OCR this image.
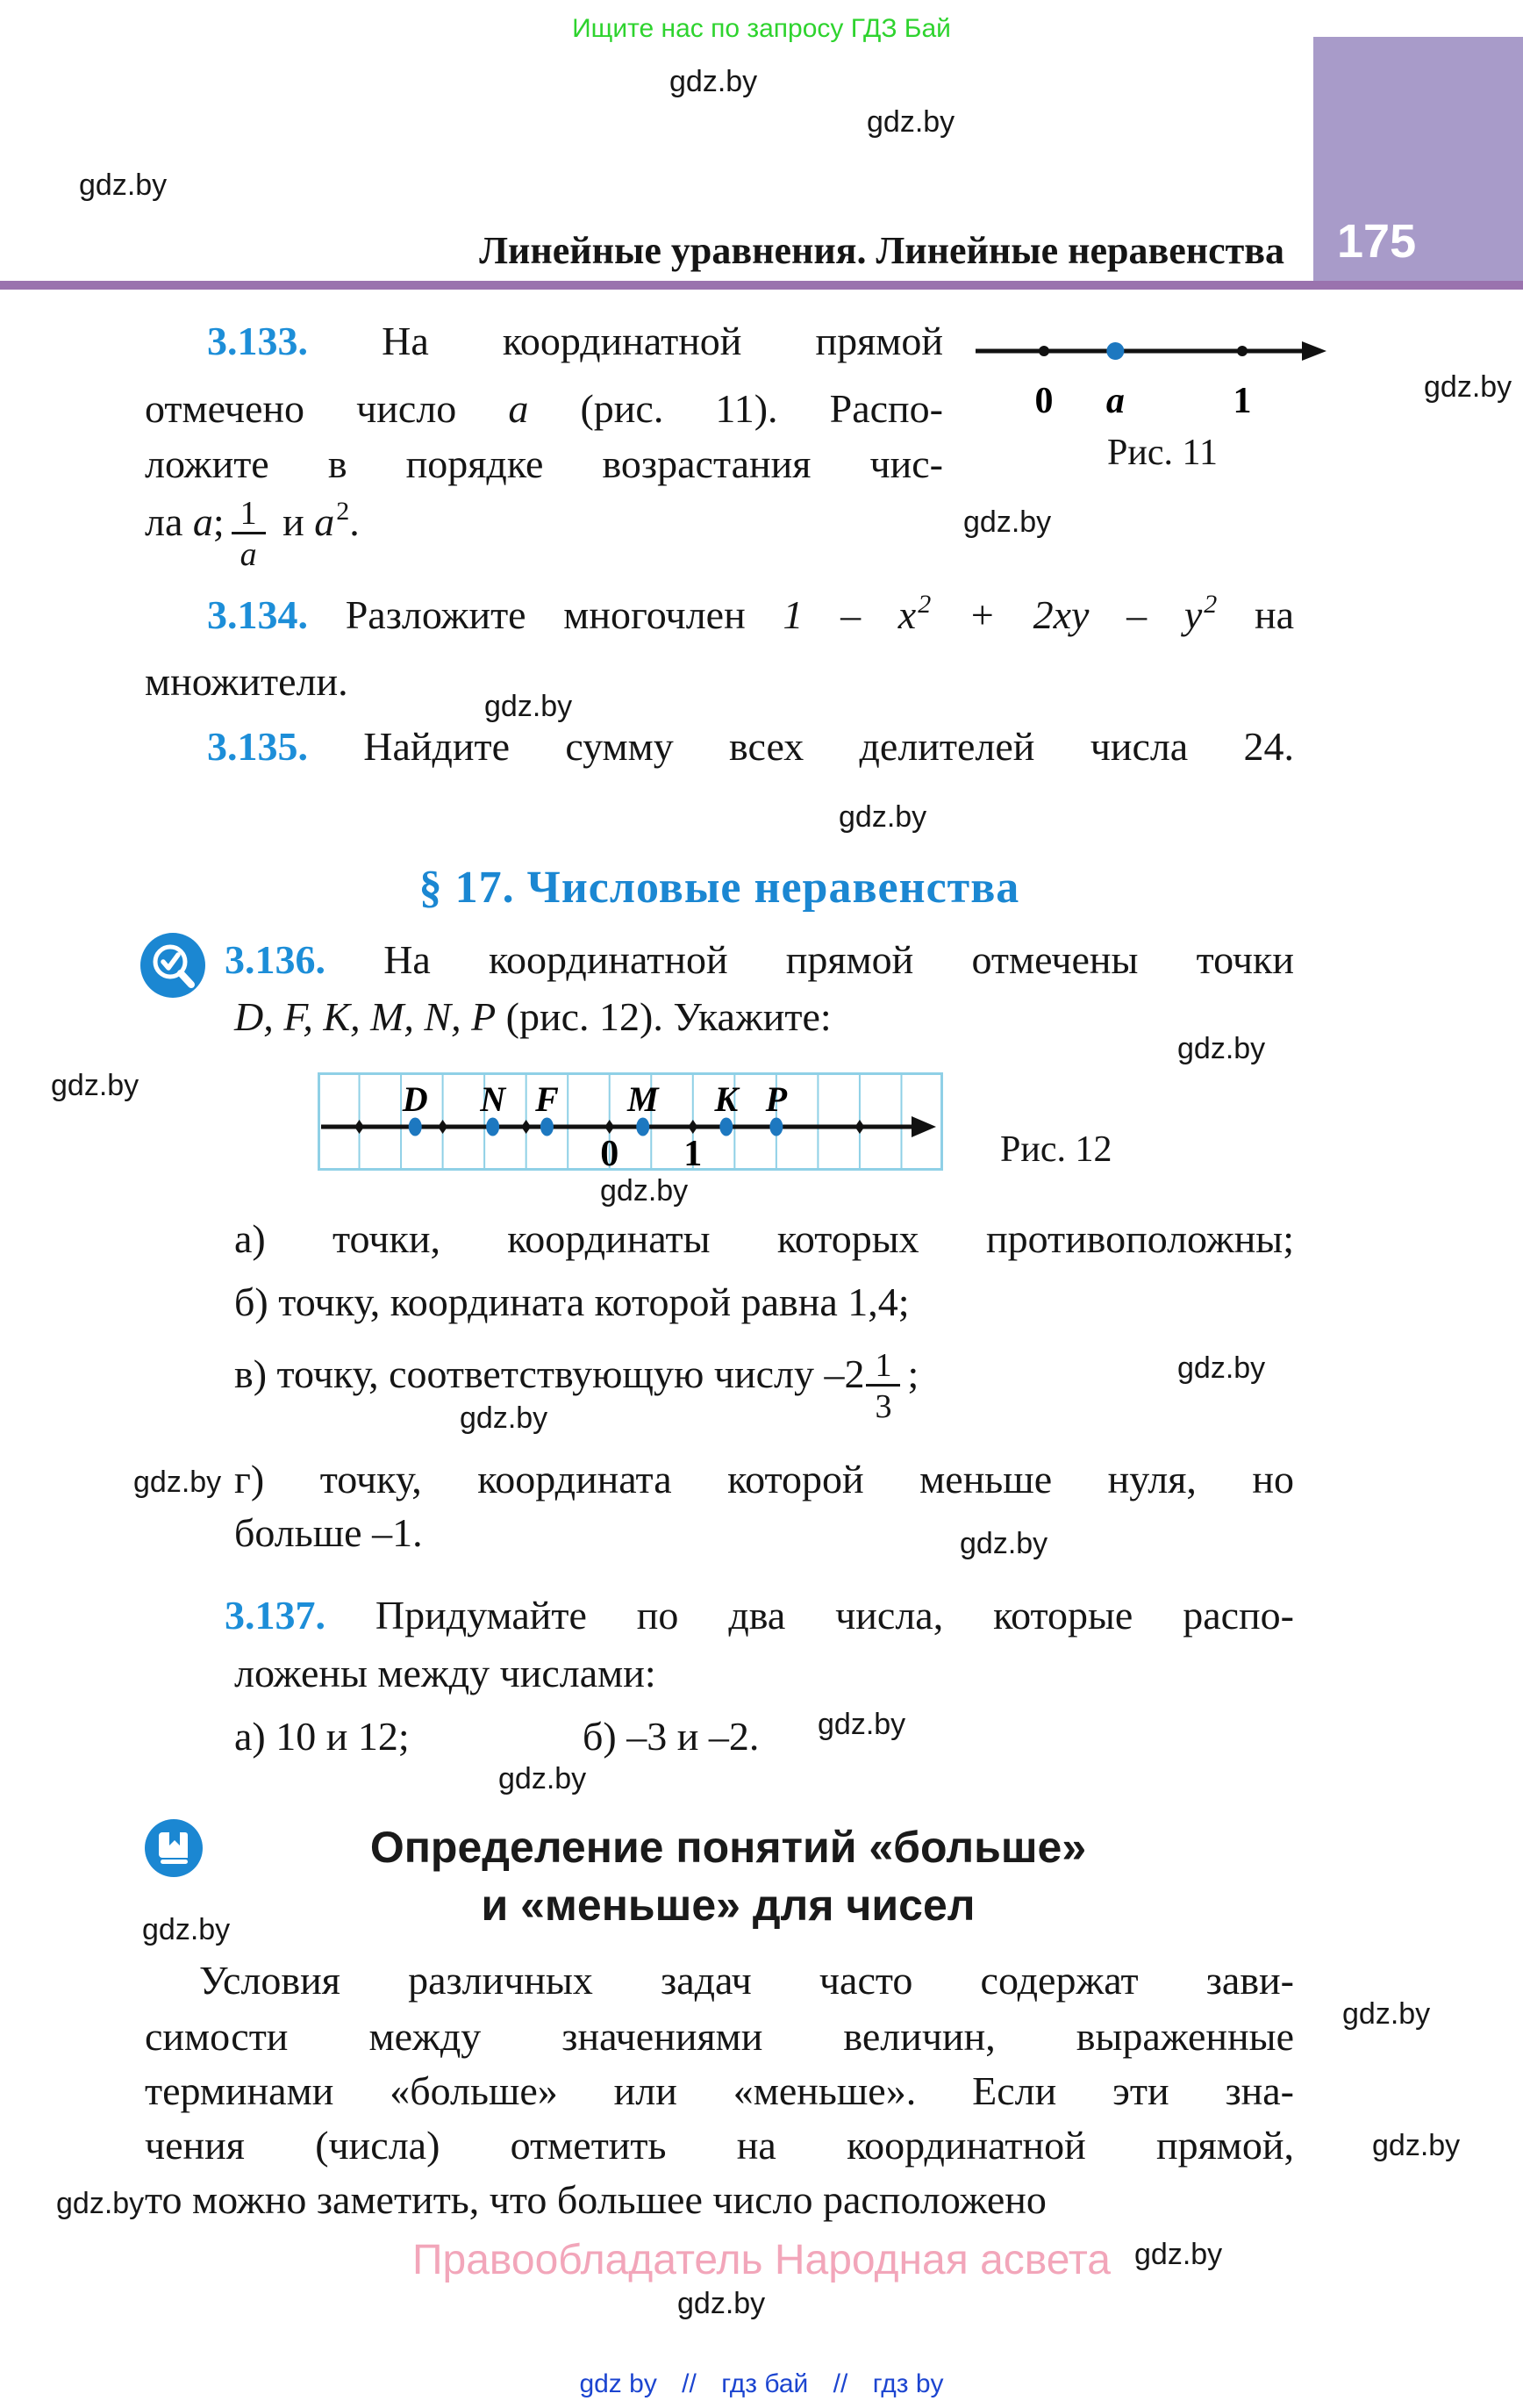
Ищите нас по запросу ГДЗ Бай
gdz.by
gdz.by
gdz.by
gdz.by
gdz.by
gdz.by
gdz.by
gdz.by
gdz.by
gdz.by
gdz.by
gdz.by
gdz.by
gdz.by
gdz.by
gdz.by
gdz.by
gdz.by
gdz.by
gdz.by
gdz.by
gdz.by
175
Линейные уравнения. Линейные неравенства
3.133. На координатной прямой
отмечено число a (рис. 11). Распо-
ложите в порядке возрастания чис-
ла a; $\frac{1}{a}$ и $a^2$.
0 a	1
Рис. 11
3.134. Разложите многочлен $1 - x^2 + 2xy - y^2$ на
множители.
3.135. Найдите сумму всех делителей числа 24.
§ 17. Числовые неравенства
3.136. На координатной прямой отмечены точки
D, F, K, M, N, P (рис. 12). Укажите:
D N F M K P
0 1	Рис. 12
а) точки, координаты которых противоположны;
б) точку, координата которой равна 1,4;
в) точку, соответствующую числу $-2 \frac{1}{3}$ ;
г) точку, координата которой меньше нуля, но
больше –1.
3.137. Придумайте по два числа, которые распо-
ложены между числами:
а) 10 и 12;	б) –3 и –2.
Определение понятий «больше»
и «меньше» для чисел
Условия различных задач часто содержат зави-
симости между значениями величин, выраженные
терминами «больше» или «меньше». Если эти зна-
чения (числа) отметить на координатной прямой,
то можно заметить, что большее число расположено
Правообладатель Народная асвета
gdz by // гдз бай // гдз by
